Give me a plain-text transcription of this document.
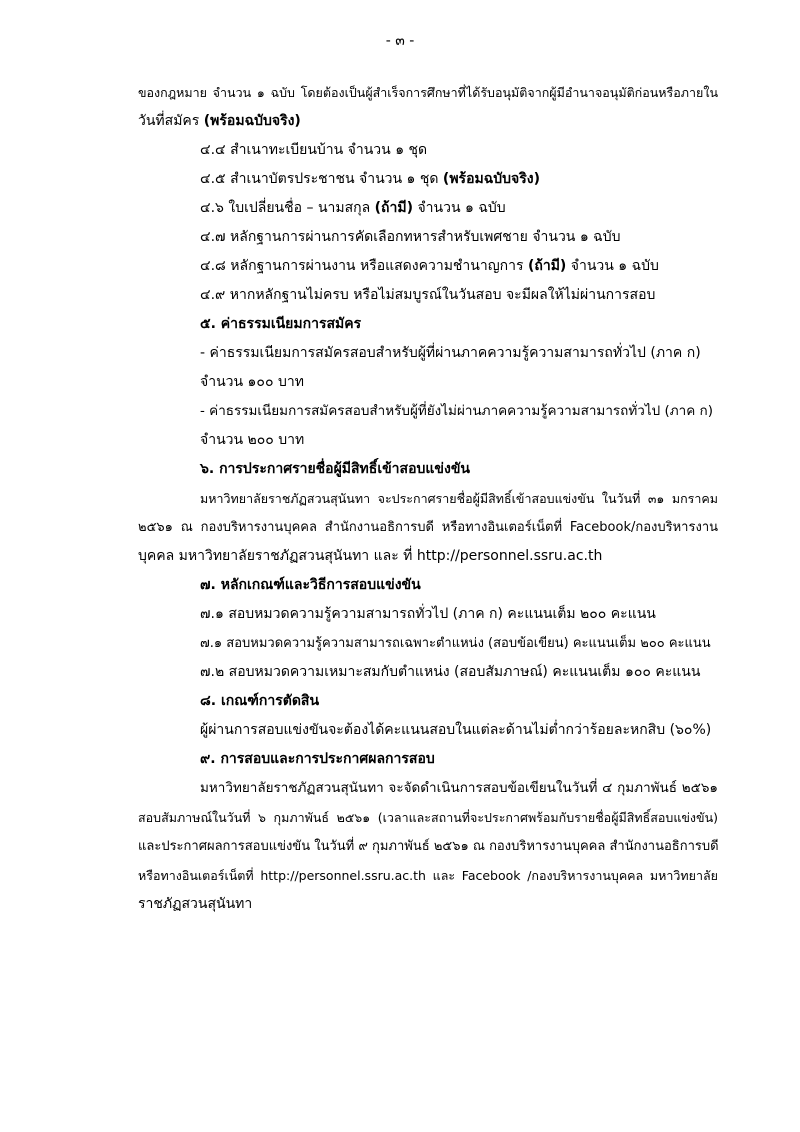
- ๓ -
ของกฎหมาย จำนวน ๑ ฉบับ โดยต้องเป็นผู้สำเร็จการศึกษาที่ได้รับอนุมัติจากผู้มีอำนาจอนุมัติก่อนหรือภายใน
วันที่สมัคร (พร้อมฉบับจริง)
๔.๔ สำเนาทะเบียนบ้าน จำนวน ๑ ชุด
๔.๕ สำเนาบัตรประชาชน จำนวน ๑ ชุด (พร้อมฉบับจริง)
๔.๖ ใบเปลี่ยนชื่อ – นามสกุล (ถ้ามี) จำนวน ๑ ฉบับ
๔.๗ หลักฐานการผ่านการคัดเลือกทหารสำหรับเพศชาย จำนวน ๑ ฉบับ
๔.๘ หลักฐานการผ่านงาน หรือแสดงความชำนาญการ (ถ้ามี) จำนวน ๑ ฉบับ
๔.๙ หากหลักฐานไม่ครบ หรือไม่สมบูรณ์ในวันสอบ จะมีผลให้ไม่ผ่านการสอบ
๕. ค่าธรรมเนียมการสมัคร
- ค่าธรรมเนียมการสมัครสอบสำหรับผู้ที่ผ่านภาคความรู้ความสามารถทั่วไป (ภาค ก)
จำนวน ๑๐๐ บาท
- ค่าธรรมเนียมการสมัครสอบสำหรับผู้ที่ยังไม่ผ่านภาคความรู้ความสามารถทั่วไป (ภาค ก)
จำนวน ๒๐๐ บาท
๖. การประกาศรายชื่อผู้มีสิทธิ์เข้าสอบแข่งขัน
มหาวิทยาลัยราชภัฏสวนสุนันทา จะประกาศรายชื่อผู้มีสิทธิ์เข้าสอบแข่งขัน ในวันที่ ๓๑ มกราคม
๒๕๖๑ ณ กองบริหารงานบุคคล สำนักงานอธิการบดี หรือทางอินเตอร์เน็ตที่ Facebook/กองบริหารงาน
บุคคล มหาวิทยาลัยราชภัฏสวนสุนันทา และ ที่ http://personnel.ssru.ac.th
๗. หลักเกณฑ์และวิธีการสอบแข่งขัน
๗.๑ สอบหมวดความรู้ความสามารถทั่วไป (ภาค ก) คะแนนเต็ม ๒๐๐ คะแนน
๗.๑ สอบหมวดความรู้ความสามารถเฉพาะตำแหน่ง (สอบข้อเขียน) คะแนนเต็ม ๒๐๐ คะแนน
๗.๒ สอบหมวดความเหมาะสมกับตำแหน่ง (สอบสัมภาษณ์) คะแนนเต็ม ๑๐๐ คะแนน
๘. เกณฑ์การตัดสิน
ผู้ผ่านการสอบแข่งขันจะต้องได้คะแนนสอบในแต่ละด้านไม่ต่ำกว่าร้อยละหกสิบ (๖๐%)
๙. การสอบและการประกาศผลการสอบ
มหาวิทยาลัยราชภัฏสวนสุนันทา จะจัดดำเนินการสอบข้อเขียนในวันที่ ๔ กุมภาพันธ์ ๒๕๖๑
สอบสัมภาษณ์ในวันที่ ๖ กุมภาพันธ์ ๒๕๖๑ (เวลาและสถานที่จะประกาศพร้อมกับรายชื่อผู้มีสิทธิ์สอบแข่งขัน)
และประกาศผลการสอบแข่งขัน ในวันที่ ๙ กุมภาพันธ์ ๒๕๖๑ ณ กองบริหารงานบุคคล สำนักงานอธิการบดี
หรือทางอินเตอร์เน็ตที่ http://personnel.ssru.ac.th และ Facebook /กองบริหารงานบุคคล มหาวิทยาลัย
ราชภัฏสวนสุนันทา
